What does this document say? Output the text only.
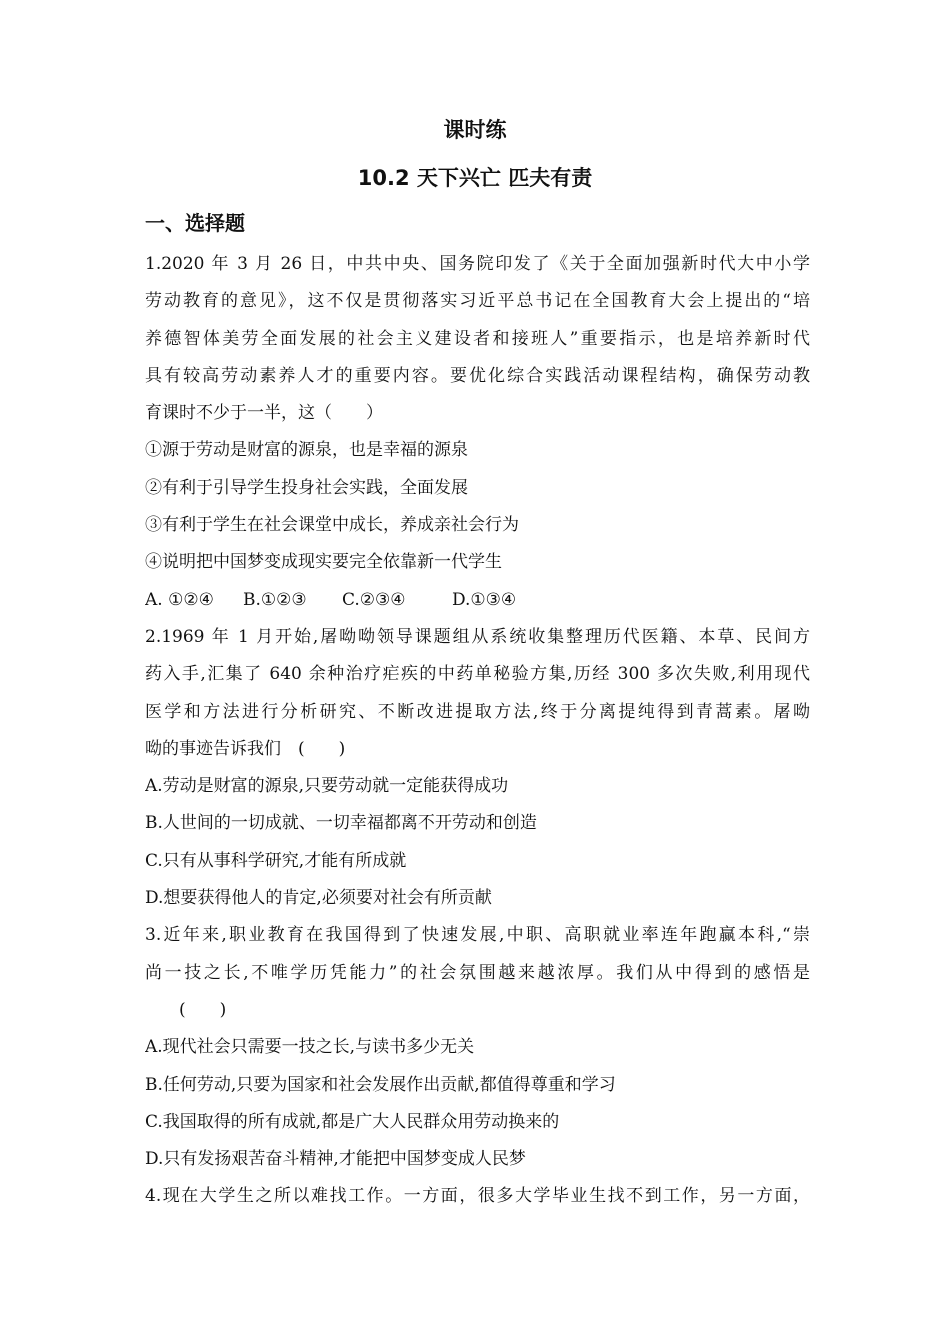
课时练
10.2 天下兴亡 匹夫有责
一、选择题
1.2020 年 3 月 26 日，中共中央、国务院印发了《关于全面加强新时代大中小学
劳动教育的意见》，这不仅是贯彻落实习近平总书记在全国教育大会上提出的“培
养德智体美劳全面发展的社会主义建设者和接班人”重要指示，也是培养新时代
具有较高劳动素养人才的重要内容。要优化综合实践活动课程结构，确保劳动教
育课时不少于一半，这（　　）
①源于劳动是财富的源泉，也是幸福的源泉
②有利于引导学生投身社会实践，全面发展
③有利于学生在社会课堂中成长，养成亲社会行为
④说明把中国梦变成现实要完全依靠新一代学生
A. ①②④ B.①②③ C.②③④	D.①③④
2.1969 年 1 月开始,屠呦呦领导课题组从系统收集整理历代医籍、本草、民间方
药入手,汇集了 640 余种治疗疟疾的中药单秘验方集,历经 300 多次失败,利用现代
医学和方法进行分析研究、不断改进提取方法,终于分离提纯得到青蒿素。屠呦
呦的事迹告诉我们　(　　)
A.劳动是财富的源泉,只要劳动就一定能获得成功
B.人世间的一切成就、一切幸福都离不开劳动和创造
C.只有从事科学研究,才能有所成就
D.想要获得他人的肯定,必须要对社会有所贡献
3.近年来,职业教育在我国得到了快速发展,中职、高职就业率连年跑赢本科,“崇
尚一技之长,不唯学历凭能力”的社会氛围越来越浓厚。我们从中得到的感悟是
　　(　　)
A.现代社会只需要一技之长,与读书多少无关
B.任何劳动,只要为国家和社会发展作出贡献,都值得尊重和学习
C.我国取得的所有成就,都是广大人民群众用劳动换来的
D.只有发扬艰苦奋斗精神,才能把中国梦变成人民梦
4.现在大学生之所以难找工作。一方面，很多大学毕业生找不到工作，另一方面，
